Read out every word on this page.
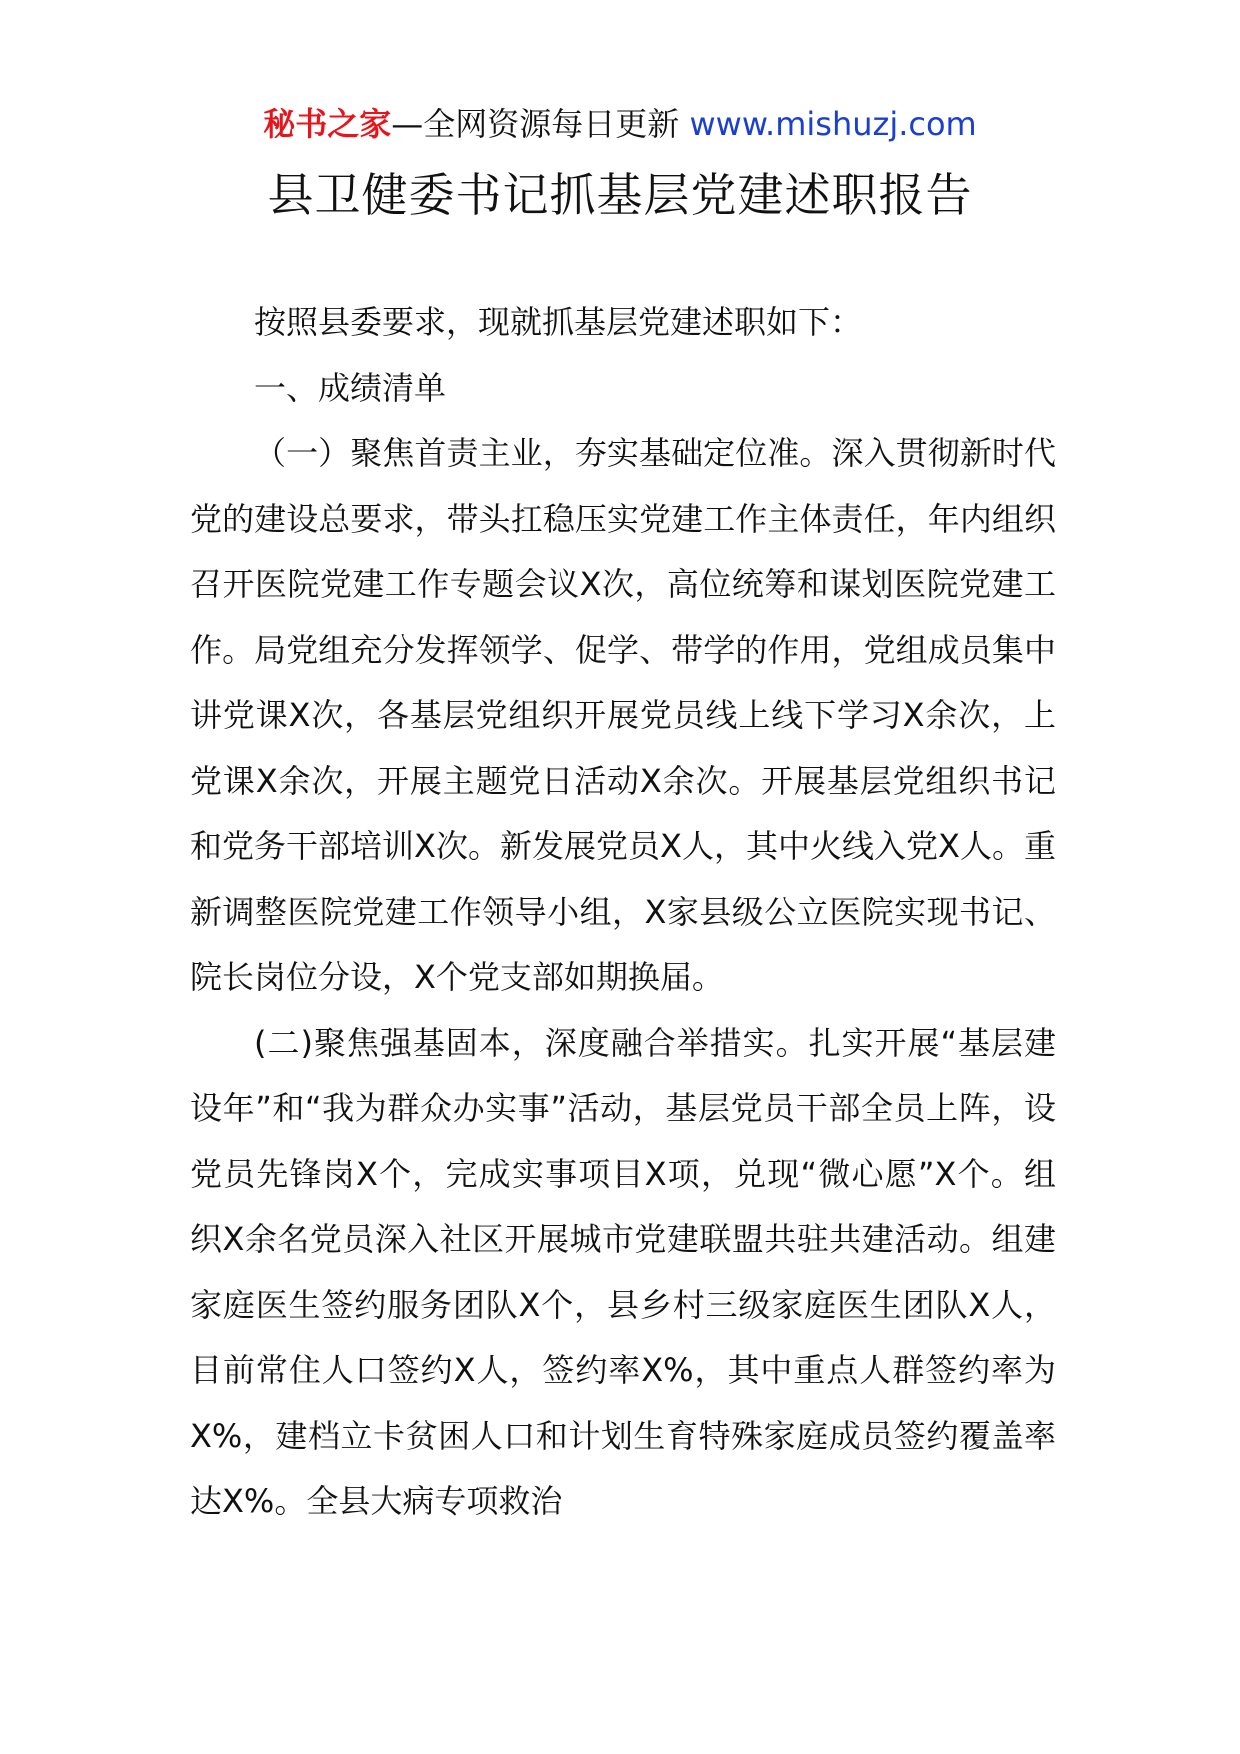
秘书之家—全网资源每日更新 www.mishuzj.com
县卫健委书记抓基层党建述职报告

按照县委要求，现就抓基层党建述职如下：

一、成绩清单

（一）聚焦首责主业，夯实基础定位准。深入贯彻新时代党的建设总要求，带头扛稳压实党建工作主体责任，年内组织召开医院党建工作专题会议X次，高位统筹和谋划医院党建工作。局党组充分发挥领学、促学、带学的作用，党组成员集中讲党课X次，各基层党组织开展党员线上线下学习X余次，上党课X余次，开展主题党日活动X余次。开展基层党组织书记和党务干部培训X次。新发展党员X人，其中火线入党X人。重新调整医院党建工作领导小组，X家县级公立医院实现书记、院长岗位分设，X个党支部如期换届。

(二)聚焦强基固本，深度融合举措实。扎实开展“基层建设年”和“我为群众办实事”活动，基层党员干部全员上阵，设党员先锋岗X个，完成实事项目X项，兑现“微心愿”X个。组织X余名党员深入社区开展城市党建联盟共驻共建活动。组建家庭医生签约服务团队X个，县乡村三级家庭医生团队X人，目前常住人口签约X人，签约率X%，其中重点人群签约率为X%，建档立卡贫困人口和计划生育特殊家庭成员签约覆盖率达X%。全县大病专项救治
